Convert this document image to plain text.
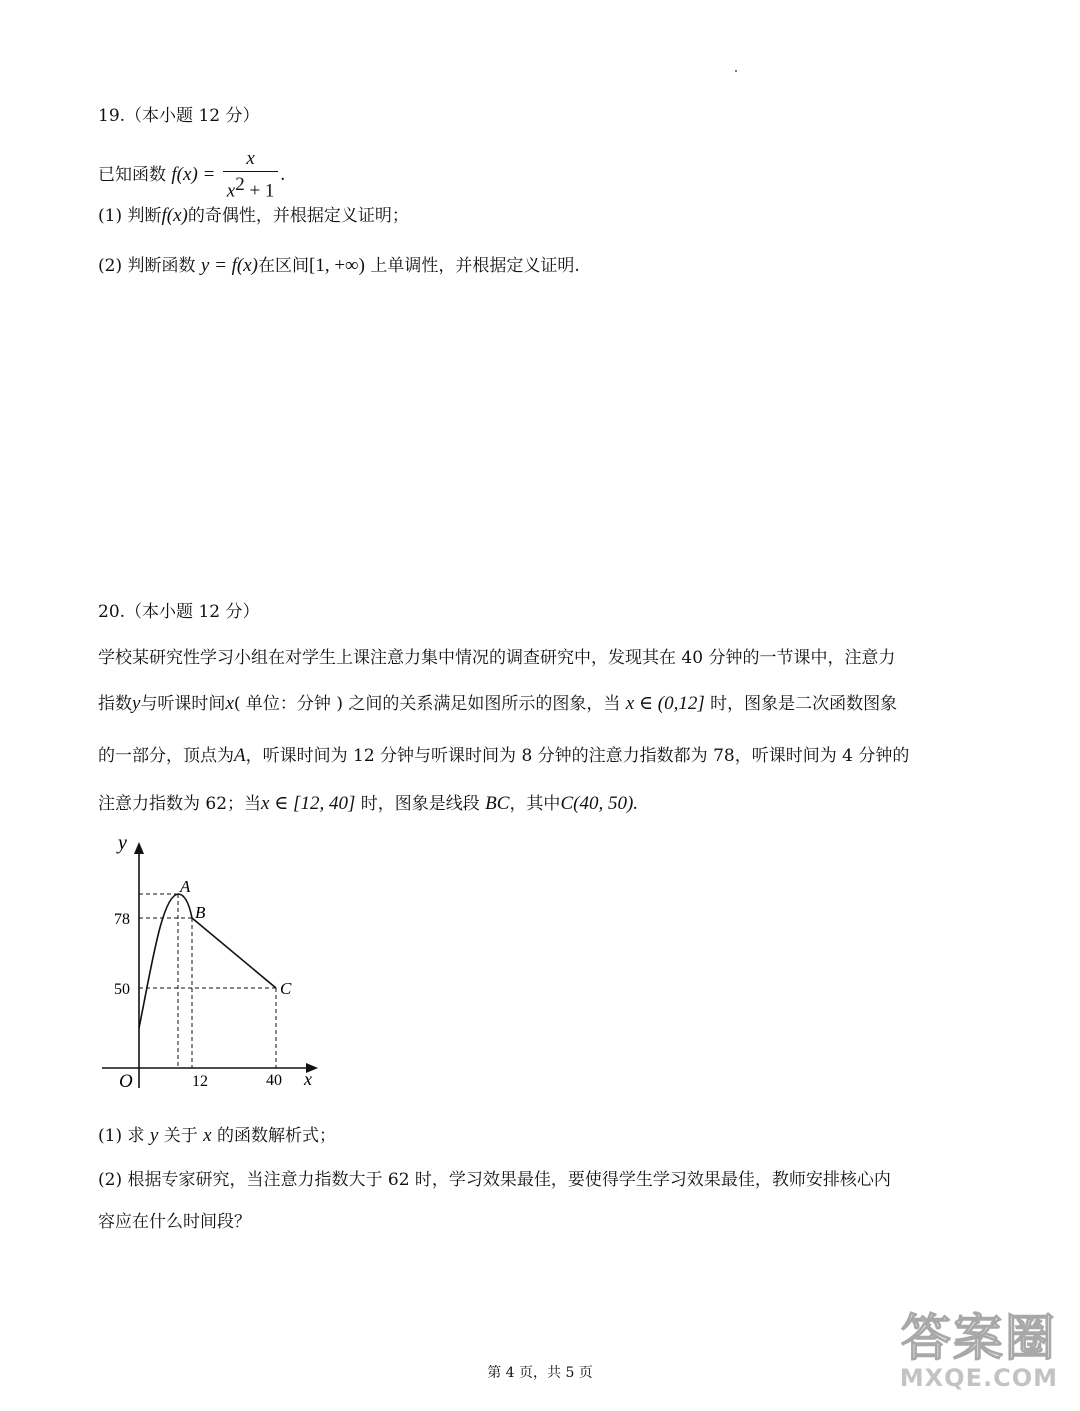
19.（本小题 12 分）
已知函数 $f(x) = \frac{x}{x^2 + 1}$ .
(1) 判断f(x)的奇偶性，并根据定义证明；
(2) 判断函数 y = f(x)在区间[1, +∞) 上单调性，并根据定义证明.
20.（本小题 12 分）
学校某研究性学习小组在对学生上课注意力集中情况的调查研究中，发现其在 40 分钟的一节课中，注意力
指数y与听课时间x( 单位：分钟 ) 之间的关系满足如图所示的图象，当 x ∈ (0,12] 时，图象是二次函数图象
的一部分，顶点为A，听课时间为 12 分钟与听课时间为 8 分钟的注意力指数都为 78，听课时间为 4 分钟的
注意力指数为 62；当x ∈ [12, 40] 时，图象是线段 BC，其中C(40, 50).
y
x
O
A
B
C
78
50
12	40
(1) 求 y 关于 x 的函数解析式；
(2) 根据专家研究，当注意力指数大于 62 时，学习效果最佳，要使得学生学习效果最佳，教师安排核心内
容应在什么时间段？
第 4 页，共 5 页
答案圈
MXQE.COM
